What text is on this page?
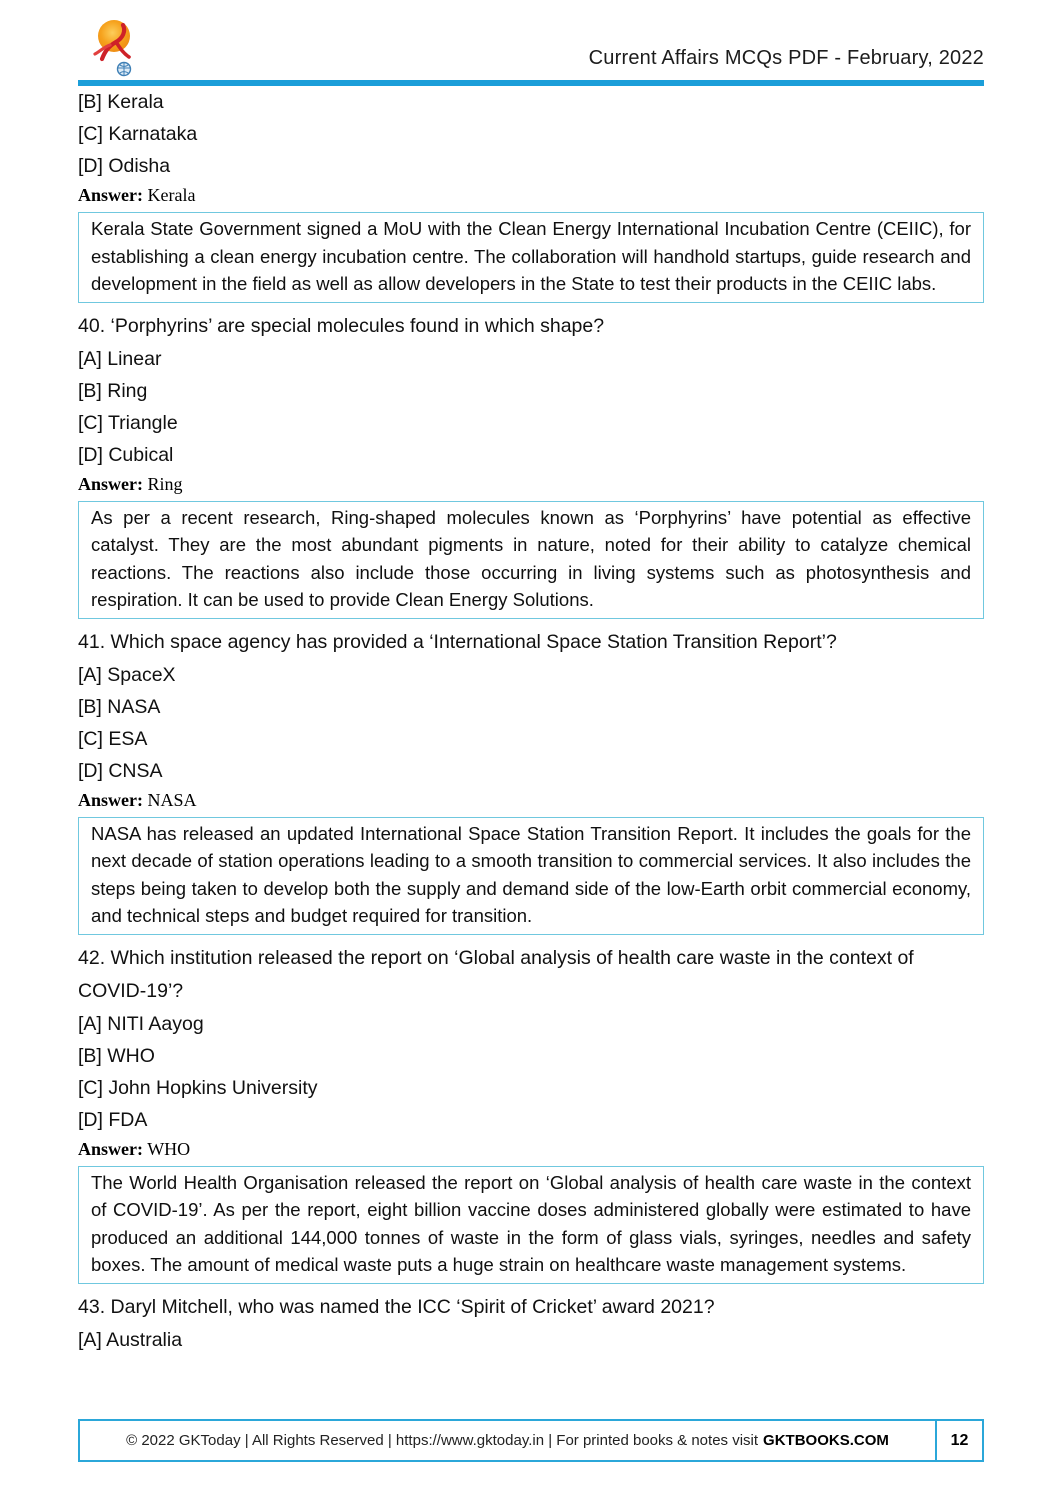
Current Affairs MCQs PDF - February, 2022
[B] Kerala
[C] Karnataka
[D] Odisha

Answer: Kerala

Kerala State Government signed a MoU with the Clean Energy International Incubation Centre (CEIIC), for establishing a clean energy incubation centre. The collaboration will handhold startups, guide research and development in the field as well as allow developers in the State to test their products in the CEIIC labs.
40. ‘Porphyrins’ are special molecules found in which shape?
[A] Linear
[B] Ring
[C] Triangle
[D] Cubical

Answer: Ring

As per a recent research, Ring-shaped molecules known as ‘Porphyrins’ have potential as effective catalyst. They are the most abundant pigments in nature, noted for their ability to catalyze chemical reactions. The reactions also include those occurring in living systems such as photosynthesis and respiration. It can be used to provide Clean Energy Solutions.
41. Which space agency has provided a ‘International Space Station Transition Report’?
[A] SpaceX
[B] NASA
[C] ESA
[D] CNSA

Answer: NASA

NASA has released an updated International Space Station Transition Report. It includes the goals for the next decade of station operations leading to a smooth transition to commercial services. It also includes the steps being taken to develop both the supply and demand side of the low-Earth orbit commercial economy, and technical steps and budget required for transition.
42. Which institution released the report on ‘Global analysis of health care waste in the context of COVID-19’?
[A] NITI Aayog
[B] WHO
[C] John Hopkins University
[D] FDA

Answer: WHO

The World Health Organisation released the report on ‘Global analysis of health care waste in the context of COVID-19’. As per the report, eight billion vaccine doses administered globally were estimated to have produced an additional 144,000 tonnes of waste in the form of glass vials, syringes, needles and safety boxes. The amount of medical waste puts a huge strain on healthcare waste management systems.
43. Daryl Mitchell, who was named the ICC ‘Spirit of Cricket’ award 2021?
[A] Australia
© 2022 GKToday | All Rights Reserved | https://www.gktoday.in | For printed books & notes visit GKTBOOKS.COM	12
